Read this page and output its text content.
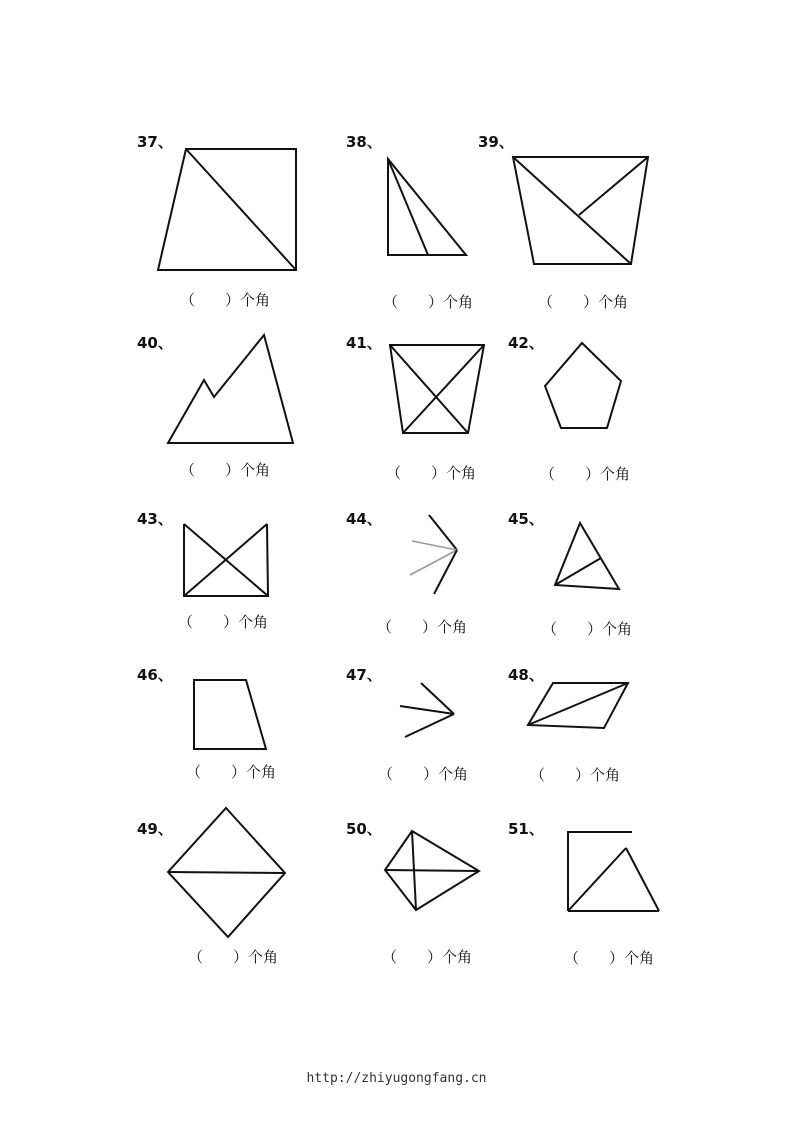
37、	38、	39、
40、	41、	42、
43、	44、	45、
46、	47、	48、
49、	50、	51、
（　　）个角	（　　）个角	（　　）个角
（　　）个角	（　　）个角	（　　）个角
（　　）个角	（　　）个角	（　　）个角
（　　）个角	（　　）个角	（　　）个角
（　　）个角	（　　）个角	（　　）个角
http://zhiyugongfang.cn
